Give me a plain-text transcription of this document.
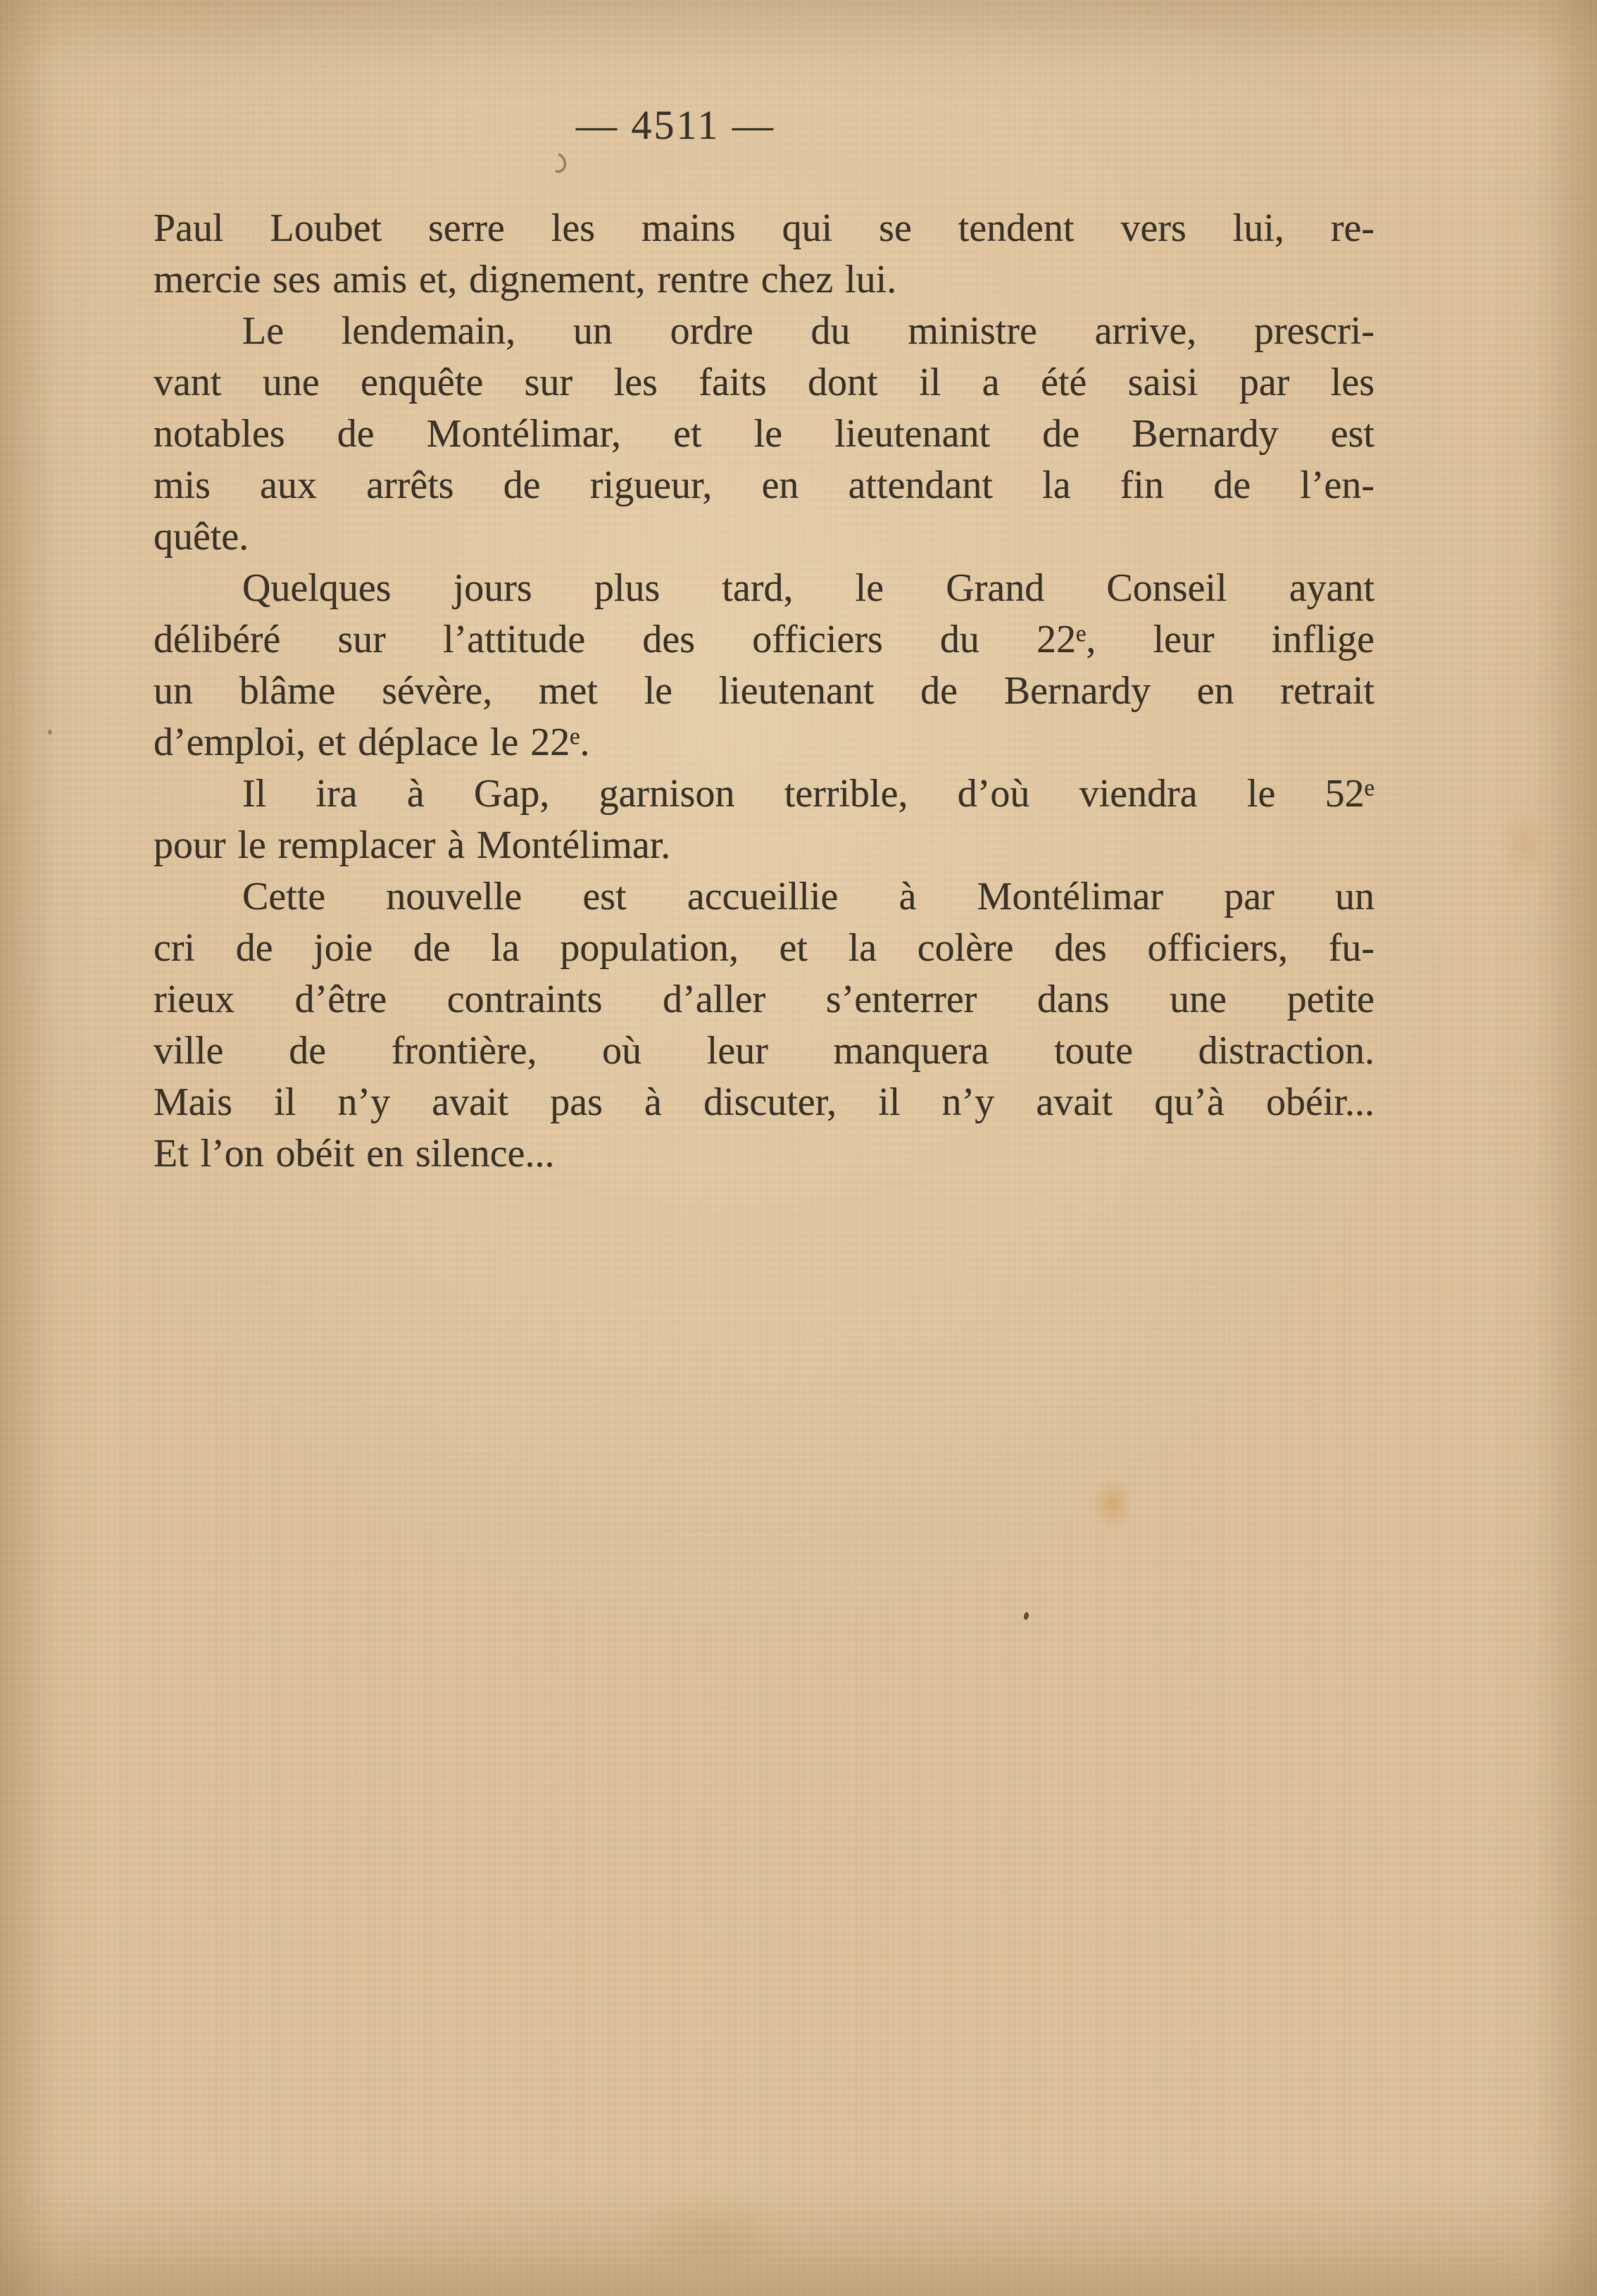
— 4511 —
Paul Loubet serre les mains qui se tendent vers lui, re-
mercie ses amis et, dignement, rentre chez lui.
Le lendemain, un ordre du ministre arrive, prescri-
vant une enquête sur les faits dont il a été saisi par les
notables de Montélimar, et le lieutenant de Bernardy est
mis aux arrêts de rigueur, en attendant la fin de l’en-
quête.
Quelques jours plus tard, le Grand Conseil ayant
délibéré sur l’attitude des officiers du 22ᵉ, leur inflige
un blâme sévère, met le lieutenant de Bernardy en retrait
d’emploi, et déplace le 22ᵉ.
Il ira à Gap, garnison terrible, d’où viendra le 52ᵉ
pour le remplacer à Montélimar.
Cette nouvelle est accueillie à Montélimar par un
cri de joie de la population, et la colère des officiers, fu-
rieux d’être contraints d’aller s’enterrer dans une petite
ville de frontière, où leur manquera toute distraction.
Mais il n’y avait pas à discuter, il n’y avait qu’à obéir...
Et l’on obéit en silence...
